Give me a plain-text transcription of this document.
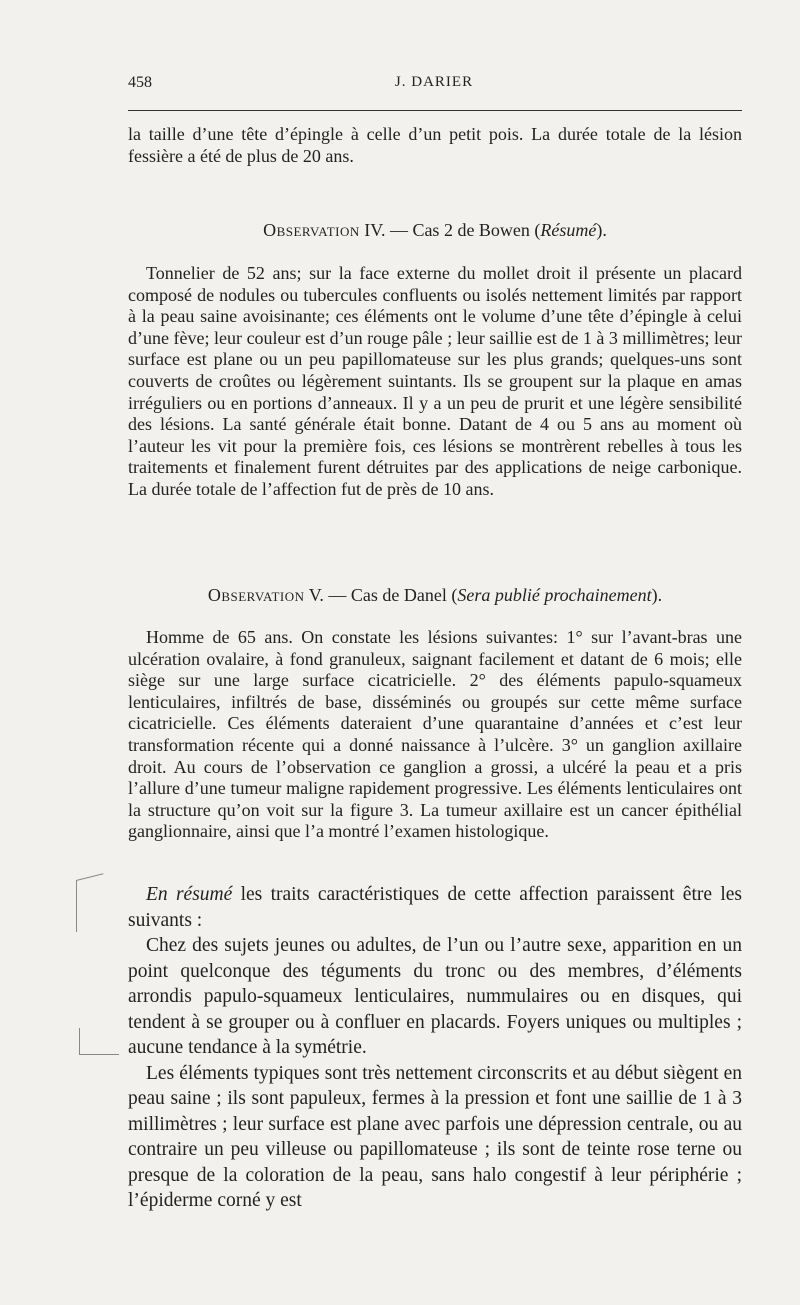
458	J. DARIER

la taille d’une tête d’épingle à celle d’un petit pois. La durée totale de la lésion fessière a été de plus de 20 ans.

Observation IV. — Cas 2 de Bowen (Résumé).

Tonnelier de 52 ans; sur la face externe du mollet droit il présente un placard composé de nodules ou tubercules confluents ou isolés nettement limités par rapport à la peau saine avoisinante; ces éléments ont le volume d’une tête d’épingle à celui d’une fève; leur couleur est d’un rouge pâle ; leur saillie est de 1 à 3 millimètres; leur surface est plane ou un peu papillomateuse sur les plus grands; quelques-uns sont couverts de croûtes ou légèrement suintants. Ils se groupent sur la plaque en amas irréguliers ou en portions d’anneaux. Il y a un peu de prurit et une légère sensibilité des lésions. La santé générale était bonne. Datant de 4 ou 5 ans au moment où l’auteur les vit pour la première fois, ces lésions se montrèrent rebelles à tous les traitements et finalement furent détruites par des applications de neige carbonique. La durée totale de l’affection fut de près de 10 ans.

Observation V. — Cas de Danel (Sera publié prochainement).

Homme de 65 ans. On constate les lésions suivantes: 1° sur l’avant-bras une ulcération ovalaire, à fond granuleux, saignant facilement et datant de 6 mois; elle siège sur une large surface cicatricielle. 2° des éléments papulo-squameux lenticulaires, infiltrés de base, disséminés ou groupés sur cette même surface cicatricielle. Ces éléments dateraient d’une quarantaine d’années et c’est leur transformation récente qui a donné naissance à l’ulcère. 3° un ganglion axillaire droit. Au cours de l’observation ce ganglion a grossi, a ulcéré la peau et a pris l’allure d’une tumeur maligne rapidement progressive. Les éléments lenticulaires ont la structure qu’on voit sur la figure 3. La tumeur axillaire est un cancer épithélial ganglionnaire, ainsi que l’a montré l’examen histologique.

En résumé les traits caractéristiques de cette affection paraissent être les suivants :

Chez des sujets jeunes ou adultes, de l’un ou l’autre sexe, apparition en un point quelconque des téguments du tronc ou des membres, d’éléments arrondis papulo-squameux lenticulaires, nummulaires ou en disques, qui tendent à se grouper ou à confluer en placards. Foyers uniques ou multiples ; aucune tendance à la symétrie.

Les éléments typiques sont très nettement circonscrits et au début siègent en peau saine ; ils sont papuleux, fermes à la pression et font une saillie de 1 à 3 millimètres ; leur surface est plane avec parfois une dépression centrale, ou au contraire un peu villeuse ou papillomateuse ; ils sont de teinte rose terne ou presque de la coloration de la peau, sans halo congestif à leur périphérie ; l’épiderme corné y est
